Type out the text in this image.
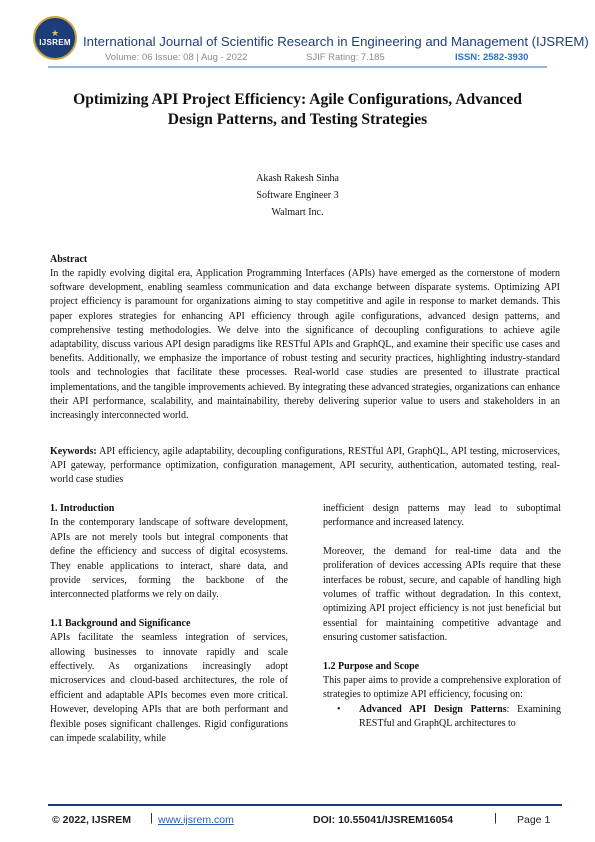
★
IJSREM International Journal of Scientific Research in Engineering and Management (IJSREM)
Volume: 06 Issue: 08 | Aug - 2022	SJIF Rating: 7.185	ISSN: 2582-3930
Optimizing API Project Efficiency: Agile Configurations, Advanced
Design Patterns, and Testing Strategies
Akash Rakesh Sinha
Software Engineer 3
Walmart Inc.
Abstract

In the rapidly evolving digital era, Application Programming Interfaces (APIs) have emerged as the cornerstone of modern software development, enabling seamless communication and data exchange between disparate systems. Optimizing API project efficiency is paramount for organizations aiming to stay competitive and agile in response to market demands. This paper explores strategies for enhancing API efficiency through agile configurations, advanced design patterns, and comprehensive testing methodologies. We delve into the significance of decoupling configurations to achieve agile adaptability, discuss various API design paradigms like RESTful APIs and GraphQL, and examine their specific use cases and benefits. Additionally, we emphasize the importance of robust testing and security practices, highlighting industry-standard tools and technologies that facilitate these processes. Real-world case studies are presented to illustrate practical implementations, and the tangible improvements achieved. By integrating these advanced strategies, organizations can enhance their API performance, scalability, and maintainability, thereby delivering superior value to users and stakeholders in an increasingly interconnected world.

Keywords: API efficiency, agile adaptability, decoupling configurations, RESTful API, GraphQL, API testing, microservices, API gateway, performance optimization, configuration management, API security, authentication, automated testing, real-world case studies

1. Introduction

In the contemporary landscape of software development, APIs are not merely tools but integral components that define the efficiency and success of digital ecosystems. They enable applications to interact, share data, and provide services, forming the backbone of the interconnected platforms we rely on daily.

1.1 Background and Significance

APIs facilitate the seamless integration of services, allowing businesses to innovate rapidly and scale effectively. As organizations increasingly adopt microservices and cloud-based architectures, the role of efficient and adaptable APIs becomes even more critical. However, developing APIs that are both performant and flexible poses significant challenges. Rigid configurations can impede scalability, while

inefficient design patterns may lead to suboptimal performance and increased latency.

Moreover, the demand for real-time data and the proliferation of devices accessing APIs require that these interfaces be robust, secure, and capable of handling high volumes of traffic without degradation. In this context, optimizing API project efficiency is not just beneficial but essential for maintaining competitive advantage and ensuring customer satisfaction.

1.2 Purpose and Scope

This paper aims to provide a comprehensive exploration of strategies to optimize API efficiency, focusing on:

•	Advanced API Design Patterns: Examining RESTful and GraphQL architectures to

© 2022, IJSREM | www.ijsrem.com	DOI: 10.55041/IJSREM16054	| Page 1
